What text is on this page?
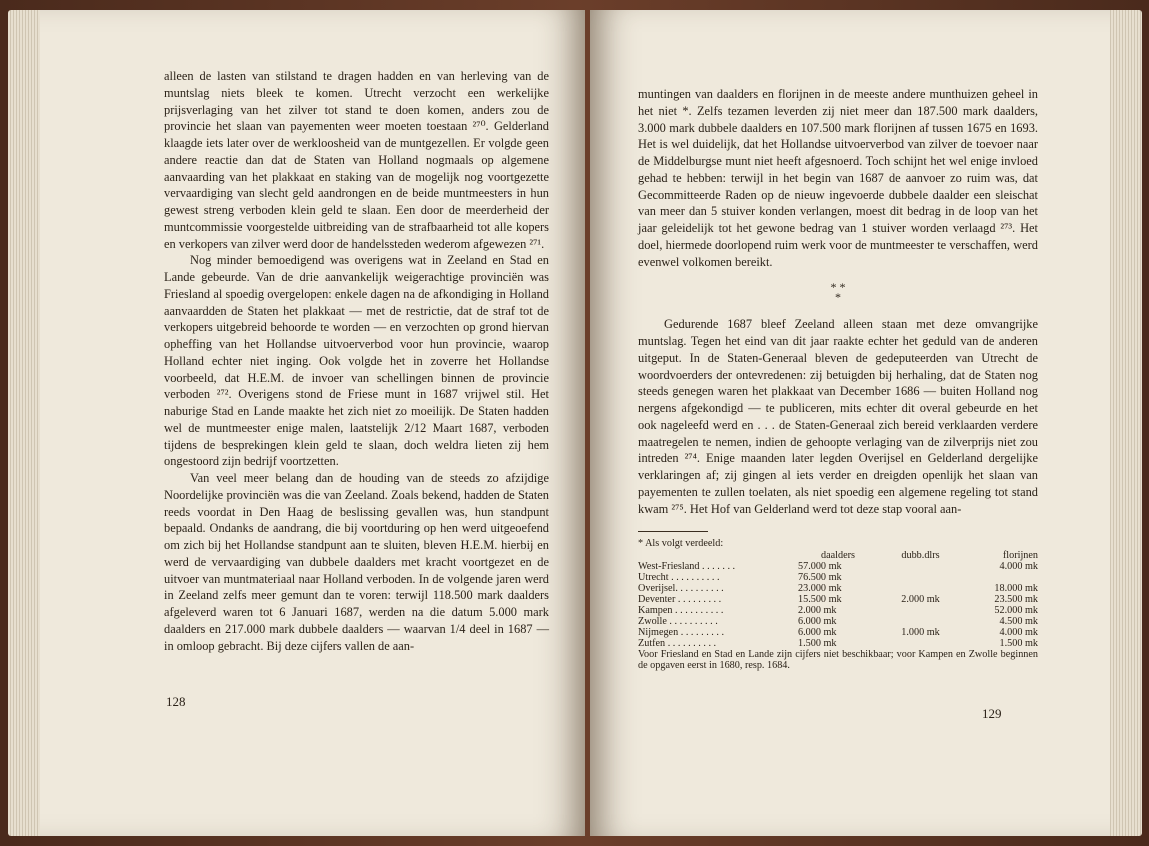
alleen de lasten van stilstand te dragen hadden en van herleving van de muntslag niets bleek te komen. Utrecht verzocht een werkelijke prijsverlaging van het zilver tot stand te doen komen, anders zou de provincie het slaan van payementen weer moeten toestaan ²⁷⁰. Gelderland klaagde iets later over de werkloosheid van de muntgezellen. Er volgde geen andere reactie dan dat de Staten van Holland nogmaals op algemene aanvaarding van het plakkaat en staking van de mogelijk nog voortgezette vervaardiging van slecht geld aandrongen en de beide muntmeesters in hun gewest streng verboden klein geld te slaan. Een door de meerderheid der muntcommissie voorgestelde uitbreiding van de strafbaarheid tot alle kopers en verkopers van zilver werd door de handelssteden wederom afgewezen ²⁷¹.

Nog minder bemoedigend was overigens wat in Zeeland en Stad en Lande gebeurde. Van de drie aanvankelijk weigerachtige provinciën was Friesland al spoedig overgelopen: enkele dagen na de afkondiging in Holland aanvaardden de Staten het plakkaat — met de restrictie, dat de straf tot de verkopers uitgebreid behoorde te worden — en verzochten op grond hiervan opheffing van het Hollandse uitvoerverbod voor hun provincie, waarop Holland echter niet inging. Ook volgde het in zoverre het Hollandse voorbeeld, dat H.E.M. de invoer van schellingen binnen de provincie verboden ²⁷². Overigens stond de Friese munt in 1687 vrijwel stil. Het naburige Stad en Lande maakte het zich niet zo moeilijk. De Staten hadden wel de muntmeester enige malen, laatstelijk 2/12 Maart 1687, verboden tijdens de besprekingen klein geld te slaan, doch weldra lieten zij hem ongestoord zijn bedrijf voortzetten.

Van veel meer belang dan de houding van de steeds zo afzijdige Noordelijke provinciën was die van Zeeland. Zoals bekend, hadden de Staten reeds voordat in Den Haag de beslissing gevallen was, hun standpunt bepaald. Ondanks de aandrang, die bij voortduring op hen werd uitgeoefend om zich bij het Hollandse standpunt aan te sluiten, bleven H.E.M. hierbij en werd de vervaardiging van dubbele daalders met kracht voortgezet en de uitvoer van muntmateriaal naar Holland verboden. In de volgende jaren werd in Zeeland zelfs meer gemunt dan te voren: terwijl 118.500 mark daalders afgeleverd waren tot 6 Januari 1687, werden na die datum 5.000 mark daalders en 217.000 mark dubbele daalders — waarvan 1/4 deel in 1687 — in omloop gebracht. Bij deze cijfers vallen de aan-

128

muntingen van daalders en florijnen in de meeste andere munthuizen geheel in het niet *. Zelfs tezamen leverden zij niet meer dan 187.500 mark daalders, 3.000 mark dubbele daalders en 107.500 mark florijnen af tussen 1675 en 1693. Het is wel duidelijk, dat het Hollandse uitvoerverbod van zilver de toevoer naar de Middelburgse munt niet heeft afgesnoerd. Toch schijnt het wel enige invloed gehad te hebben: terwijl in het begin van 1687 de aanvoer zo ruim was, dat Gecommitteerde Raden op de nieuw ingevoerde dubbele daalder een sleischat van meer dan 5 stuiver konden verlangen, moest dit bedrag in de loop van het jaar geleidelijk tot het gewone bedrag van 1 stuiver worden verlaagd ²⁷³. Het doel, hiermede doorlopend ruim werk voor de muntmeester te verschaffen, werd evenwel volkomen bereikt.

* *
*

Gedurende 1687 bleef Zeeland alleen staan met deze omvangrijke muntslag. Tegen het eind van dit jaar raakte echter het geduld van de anderen uitgeput. In de Staten-Generaal bleven de gedeputeerden van Utrecht de woordvoerders der ontevredenen: zij betuigden bij herhaling, dat de Staten nog steeds genegen waren het plakkaat van December 1686 — buiten Holland nog nergens afgekondigd — te publiceren, mits echter dit overal gebeurde en het ook nageleefd werd en . . . de Staten-Generaal zich bereid verklaarden verdere maatregelen te nemen, indien de gehoopte verlaging van de zilverprijs niet zou intreden ²⁷⁴. Enige maanden later legden Overijsel en Gelderland dergelijke verklaringen af; zij gingen al iets verder en dreigden openlijk het slaan van payementen te zullen toelaten, als niet spoedig een algemene regeling tot stand kwam ²⁷⁵. Het Hof van Gelderland werd tot deze stap vooral aan-

* Als volgt verdeeld:
	daalders	dubb.dlrs	florijnen
West-Friesland . . . . . . .	57.000 mk		4.000 mk
Utrecht . . . . . . . . . .	76.500 mk		
Overijsel. . . . . . . . . .	23.000 mk		18.000 mk
Deventer . . . . . . . . .	15.500 mk	2.000 mk	23.500 mk
Kampen . . . . . . . . . .	2.000 mk		52.000 mk
Zwolle . . . . . . . . . .	6.000 mk		4.500 mk
Nijmegen . . . . . . . . .	6.000 mk	1.000 mk	4.000 mk
Zutfen . . . . . . . . . .	1.500 mk		1.500 mk
Voor Friesland en Stad en Lande zijn cijfers niet beschikbaar; voor Kampen en Zwolle beginnen de opgaven eerst in 1680, resp. 1684.
129
